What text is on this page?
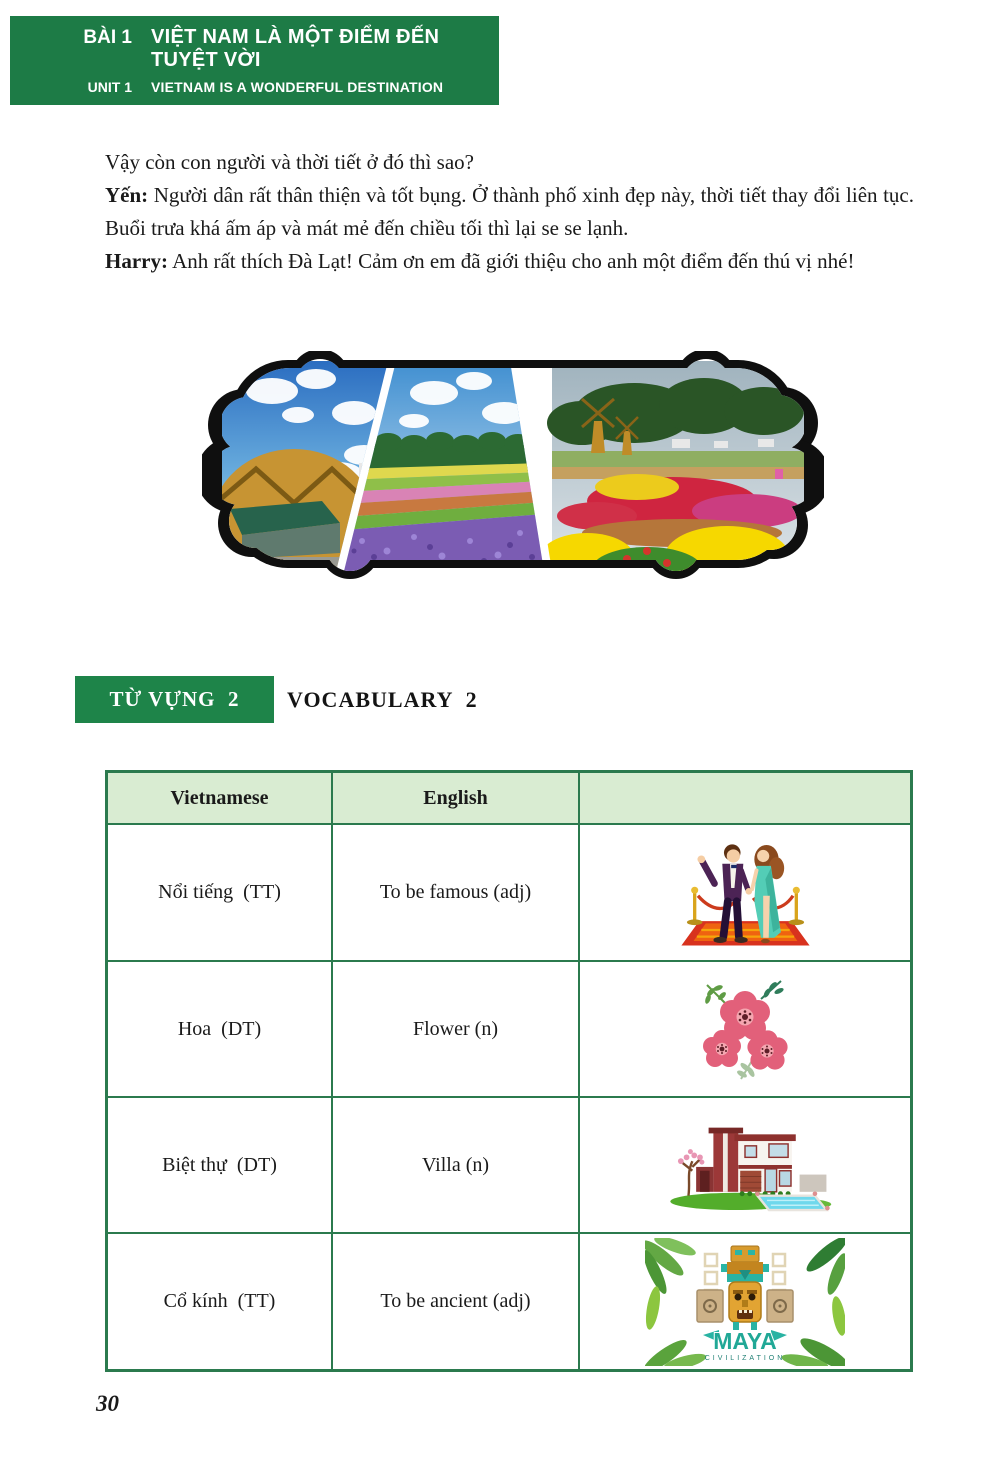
BÀI 1 VIỆT NAM LÀ MỘT ĐIỂM ĐẾN TUYỆT VỜI
UNIT 1 VIETNAM IS A WONDERFUL DESTINATION

Vậy còn con người và thời tiết ở đó thì sao?

Yến: Người dân rất thân thiện và tốt bụng. Ở thành phố xinh đẹp này, thời tiết thay đổi liên tục. Buổi trưa khá ấm áp và mát mẻ đến chiều tối thì lại se se lạnh.

Harry: Anh rất thích Đà Lạt! Cảm ơn em đã giới thiệu cho anh một điểm đến thú vị nhé!

TỪ VỰNG  2	VOCABULARY  2
Vietnamese	English
Nổi tiếng  (TT)	To be famous (adj)
Hoa  (DT)	Flower (n)
Biệt thự  (DT)	Villa (n)
Cổ kính  (TT)	To be ancient (adj)
MAYA
CIVILIZATION
30
